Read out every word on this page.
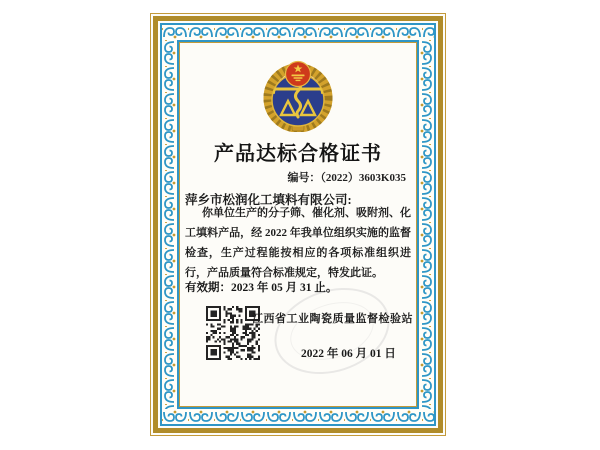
产品达标合格证书
编号：（2022）3603K035
萍乡市松润化工填料有限公司:

你单位生产的分子筛、催化剂、吸附剂、化工填料产品，经 2022 年我单位组织实施的监督检查，生产过程能按相应的各项标准组织进行，产品质量符合标准规定，特发此证。

有效期：2023 年 05 月 31 止。
江西省工业陶瓷质量监督检验站
2022 年 06 月 01 日
